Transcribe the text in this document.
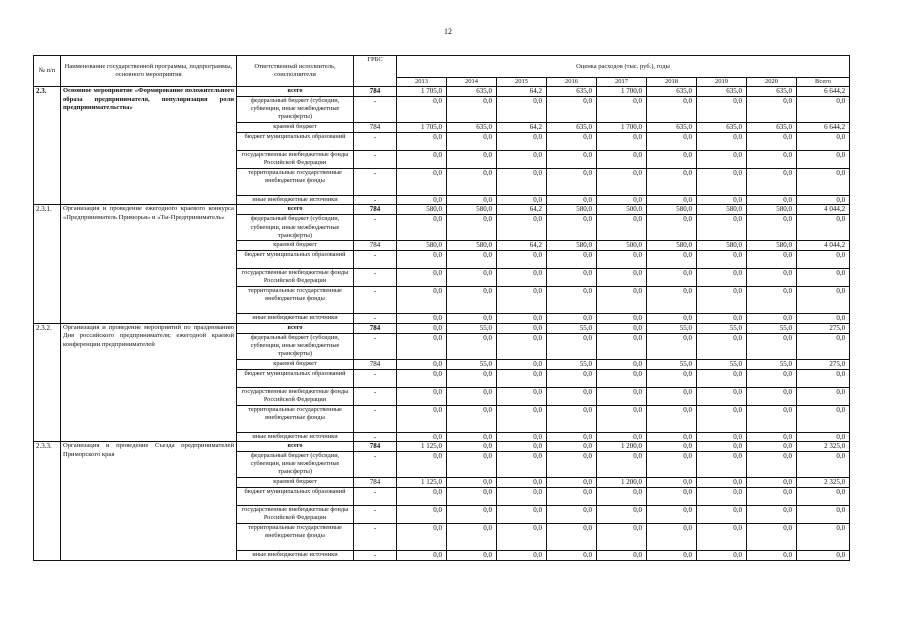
12
№ п/п	Наименование государственной программы, подпрограммы, основного мероприятия	Ответственный исполнитель, соисполнители	ГРБС	Оценка расходов (тыс. руб.), годы								
				2013	2014	2015	2016	2017	2018	2019	2020	Всего
2.3.	Основное мероприятие «Формирование положительного образа предпринимателя, популяризация роли предпринимательства»	всего	784	1 705,0	635,0	64,2	635,0	1 700,0	635,0	635,0	635,0	6 644,2
		федеральный бюджет (субсидии, субвенции, иные межбюджетные трансферты)	-	0,0	0,0	0,0	0,0	0,0	0,0	0,0	0,0	0,0
		краевой бюджет	784	1 705,0	635,0	64,2	635,0	1 700,0	635,0	635,0	635,0	6 644,2
		бюджет муниципальных образований	-	0,0	0,0	0,0	0,0	0,0	0,0	0,0	0,0	0,0
		государственные внебюджетные фонды Российской Федерации	-	0,0	0,0	0,0	0,0	0,0	0,0	0,0	0,0	0,0
		территориальные государственные внебюджетные фонды	-	0,0	0,0	0,0	0,0	0,0	0,0	0,0	0,0	0,0
		иные внебюджетные источники	-	0,0	0,0	0,0	0,0	0,0	0,0	0,0	0,0	0,0
2.3.1.	Организация и проведение ежегодного краевого конкурса «Предприниматель Приморья» и «Ты-Предприниматель»	всего	784	580,0	580,0	64,2	580,0	500,0	580,0	580,0	580,0	4 044,2
		федеральный бюджет (субсидии, субвенции, иные межбюджетные трансферты)	-	0,0	0,0	0,0	0,0	0,0	0,0	0,0	0,0	0,0
		краевой бюджет	784	580,0	580,0	64,2	580,0	500,0	580,0	580,0	580,0	4 044,2
		бюджет муниципальных образований	-	0,0	0,0	0,0	0,0	0,0	0,0	0,0	0,0	0,0
		государственные внебюджетные фонды Российской Федерации	-	0,0	0,0	0,0	0,0	0,0	0,0	0,0	0,0	0,0
		территориальные государственные внебюджетные фонды	-	0,0	0,0	0,0	0,0	0,0	0,0	0,0	0,0	0,0
		иные внебюджетные источники	-	0,0	0,0	0,0	0,0	0,0	0,0	0,0	0,0	0,0
2.3.2.	Организация и проведение мероприятий по празднованию Дня российского предпринимателя; ежегодной краевой конференции предпринимателей	всего	784	0,0	55,0	0,0	55,0	0,0	55,0	55,0	55,0	275,0
		федеральный бюджет (субсидии, субвенции, иные межбюджетные трансферты)	-	0,0	0,0	0,0	0,0	0,0	0,0	0,0	0,0	0,0
		краевой бюджет	784	0,0	55,0	0,0	55,0	0,0	55,0	55,0	55,0	275,0
		бюджет муниципальных образований	-	0,0	0,0	0,0	0,0	0,0	0,0	0,0	0,0	0,0
		государственные внебюджетные фонды Российской Федерации	-	0,0	0,0	0,0	0,0	0,0	0,0	0,0	0,0	0,0
		территориальные государственные внебюджетные фонды	-	0,0	0,0	0,0	0,0	0,0	0,0	0,0	0,0	0,0
		иные внебюджетные источники	-	0,0	0,0	0,0	0,0	0,0	0,0	0,0	0,0	0,0
2.3.3.	Организация и проведение Съезда предпринимателей Приморского края	всего	784	1 125,0	0,0	0,0	0,0	1 200,0	0,0	0,0	0,0	2 325,0
		федеральный бюджет (субсидии, субвенции, иные межбюджетные трансферты)	-	0,0	0,0	0,0	0,0	0,0	0,0	0,0	0,0	0,0
		краевой бюджет	784	1 125,0	0,0	0,0	0,0	1 200,0	0,0	0,0	0,0	2 325,0
		бюджет муниципальных образований	-	0,0	0,0	0,0	0,0	0,0	0,0	0,0	0,0	0,0
		государственные внебюджетные фонды Российской Федерации	-	0,0	0,0	0,0	0,0	0,0	0,0	0,0	0,0	0,0
		территориальные государственные внебюджетные фонды	-	0,0	0,0	0,0	0,0	0,0	0,0	0,0	0,0	0,0
		иные внебюджетные источники	-	0,0	0,0	0,0	0,0	0,0	0,0	0,0	0,0	0,0
